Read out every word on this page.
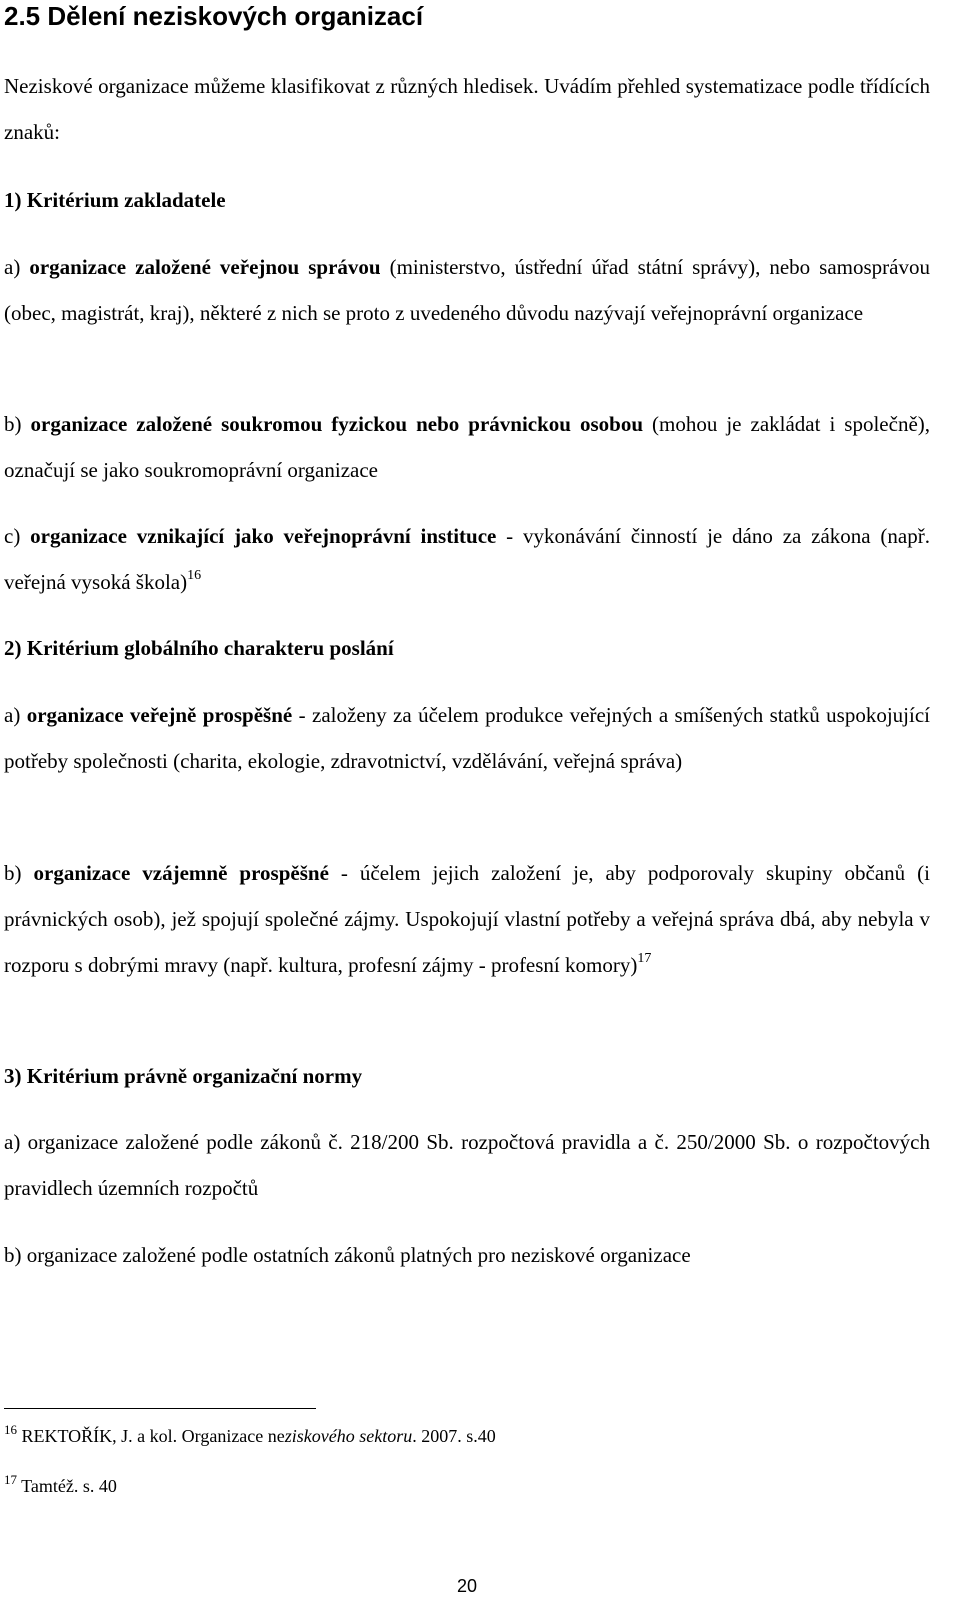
2.5 Dělení neziskových organizací

Neziskové organizace můžeme klasifikovat z různých hledisek. Uvádím přehled systematizace podle třídících znaků:

1) Kritérium zakladatele

a) organizace založené veřejnou správou (ministerstvo, ústřední úřad státní správy), nebo samosprávou (obec, magistrát, kraj), některé z nich se proto z uvedeného důvodu nazývají veřejnoprávní organizace

b) organizace založené soukromou fyzickou nebo právnickou osobou (mohou je zakládat i společně), označují se jako soukromoprávní organizace

c) organizace vznikající jako veřejnoprávní instituce - vykonávání činností je dáno za zákona (např. veřejná vysoká škola)$^{16}$

2) Kritérium globálního charakteru poslání

a) organizace veřejně prospěšné - založeny za účelem produkce veřejných a smíšených statků uspokojující potřeby společnosti (charita, ekologie, zdravotnictví, vzdělávání, veřejná správa)

b) organizace vzájemně prospěšné - účelem jejich založení je, aby podporovaly skupiny občanů (i právnických osob), jež spojují společné zájmy. Uspokojují vlastní potřeby a veřejná správa dbá, aby nebyla v rozporu s dobrými mravy (např. kultura, profesní zájmy - profesní komory)$^{17}$

3) Kritérium právně organizační normy

a) organizace založené podle zákonů č. 218/200 Sb. rozpočtová pravidla a č. 250/2000 Sb. o rozpočtových pravidlech územních rozpočtů

b) organizace založené podle ostatních zákonů platných pro neziskové organizace

$^{16}$ REKTOŘÍK, J. a kol. Organizace neziskového sektoru. 2007. s.40

$^{17}$ Tamtéž. s. 40

20
